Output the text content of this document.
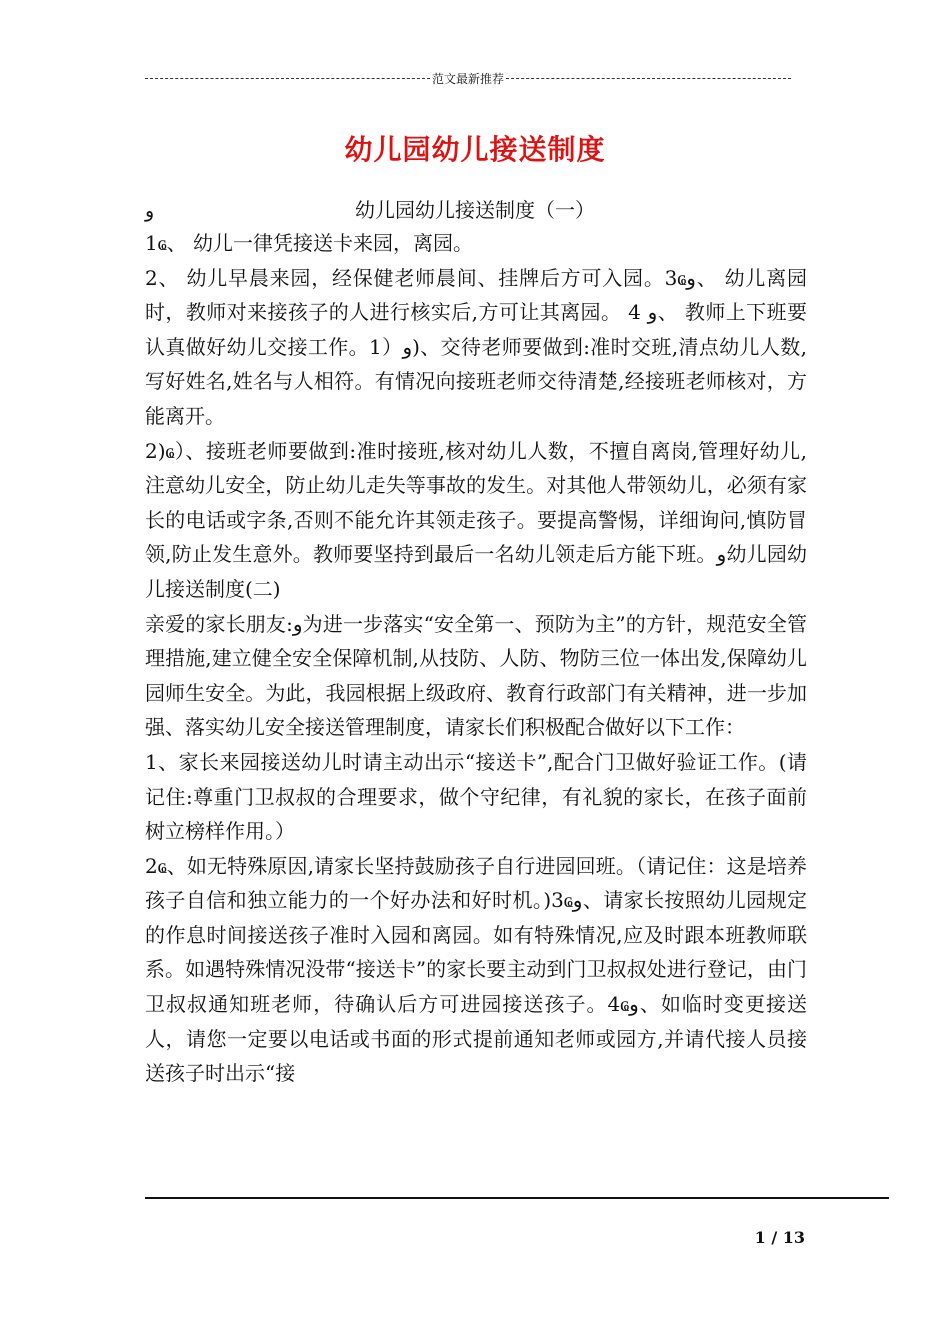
范文最新推荐
幼儿园幼儿接送制度
و	幼儿园幼儿接送制度（一）

1ҩ、 幼儿一律凭接送卡来园，离园。

2、 幼儿早晨来园，经保健老师晨间、挂牌后方可入园。3ҩو、 幼儿离园时，教师对来接孩子的人进行核实后,方可让其离园。 4 و、 教师上下班要认真做好幼儿交接工作。1）و)、交待老师要做到:准时交班,清点幼儿人数,写好姓名,姓名与人相符。有情况向接班老师交待清楚,经接班老师核对，方能离开。

2)ҩ）、接班老师要做到:准时接班,核对幼儿人数，不擅自离岗,管理好幼儿,注意幼儿安全，防止幼儿走失等事故的发生。对其他人带领幼儿，必须有家长的电话或字条,否则不能允许其领走孩子。要提高警惕，详细询问,慎防冒领,防止发生意外。教师要坚持到最后一名幼儿领走后方能下班。و幼儿园幼儿接送制度(二)

亲爱的家长朋友:و为进一步落实“安全第一、预防为主”的方针，规范安全管理措施,建立健全安全保障机制,从技防、人防、物防三位一体出发,保障幼儿园师生安全。为此，我园根据上级政府、教育行政部门有关精神，进一步加强、落实幼儿安全接送管理制度，请家长们积极配合做好以下工作：

1、家长来园接送幼儿时请主动出示“接送卡”,配合门卫做好验证工作。(请记住:尊重门卫叔叔的合理要求，做个守纪律，有礼貌的家长，在孩子面前树立榜样作用。）

2ҩ、如无特殊原因,请家长坚持鼓励孩子自行进园回班。（请记住：这是培养孩子自信和独立能力的一个好办法和好时机。)3ҩو、请家长按照幼儿园规定的作息时间接送孩子准时入园和离园。如有特殊情况,应及时跟本班教师联系。如遇特殊情况没带“接送卡”的家长要主动到门卫叔叔处进行登记，由门卫叔叔通知班老师，待确认后方可进园接送孩子。4ҩو、如临时变更接送人，请您一定要以电话或书面的形式提前通知老师或园方,并请代接人员接送孩子时出示“接

1 / 13
